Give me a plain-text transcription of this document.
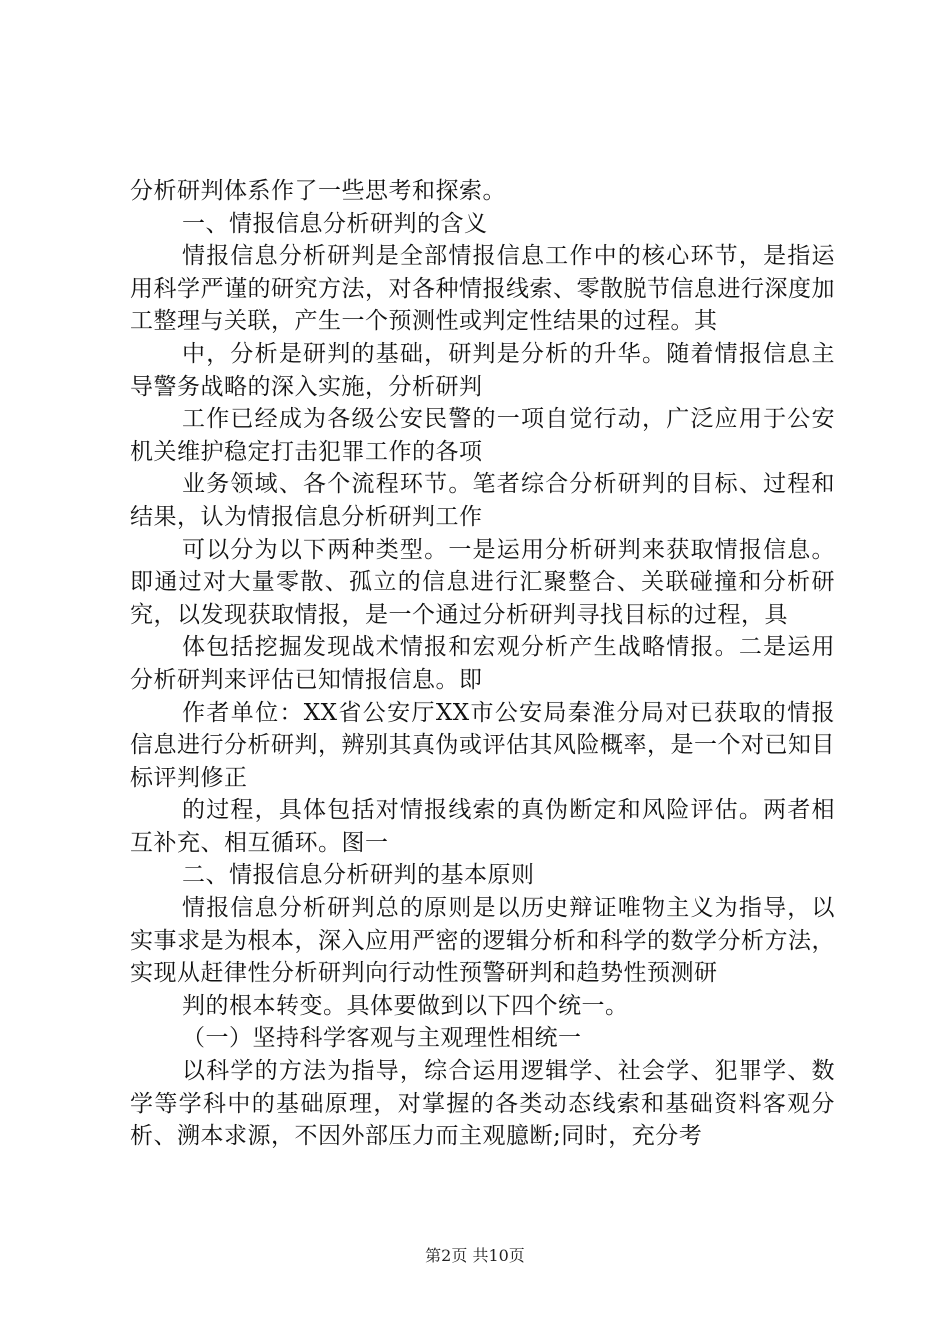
分析研判体系作了一些思考和探索。

一、情报信息分析研判的含义

情报信息分析研判是全部情报信息工作中的核心环节，是指运用科学严谨的研究方法，对各种情报线索、零散脱节信息进行深度加工整理与关联，产生一个预测性或判定性结果的过程。其

中，分析是研判的基础，研判是分析的升华。随着情报信息主导警务战略的深入实施，分析研判

工作已经成为各级公安民警的一项自觉行动，广泛应用于公安机关维护稳定打击犯罪工作的各项

业务领域、各个流程环节。笔者综合分析研判的目标、过程和结果，认为情报信息分析研判工作

可以分为以下两种类型。一是运用分析研判来获取情报信息。即通过对大量零散、孤立的信息进行汇聚整合、关联碰撞和分析研究，以发现获取情报，是一个通过分析研判寻找目标的过程，具

体包括挖掘发现战术情报和宏观分析产生战略情报。二是运用分析研判来评估已知情报信息。即

作者单位：XX省公安厅XX市公安局秦淮分局对已获取的情报信息进行分析研判，辨别其真伪或评估其风险概率，是一个对已知目标评判修正

的过程，具体包括对情报线索的真伪断定和风险评估。两者相互补充、相互循环。图一

二、情报信息分析研判的基本原则

情报信息分析研判总的原则是以历史辩证唯物主义为指导，以实事求是为根本，深入应用严密的逻辑分析和科学的数学分析方法，实现从赶律性分析研判向行动性预警研判和趋势性预测研

判的根本转变。具体要做到以下四个统一。

（一）坚持科学客观与主观理性相统一

以科学的方法为指导，综合运用逻辑学、社会学、犯罪学、数学等学科中的基础原理，对掌握的各类动态线索和基础资料客观分析、溯本求源，不因外部压力而主观臆断;同时，充分考

第2页 共10页
